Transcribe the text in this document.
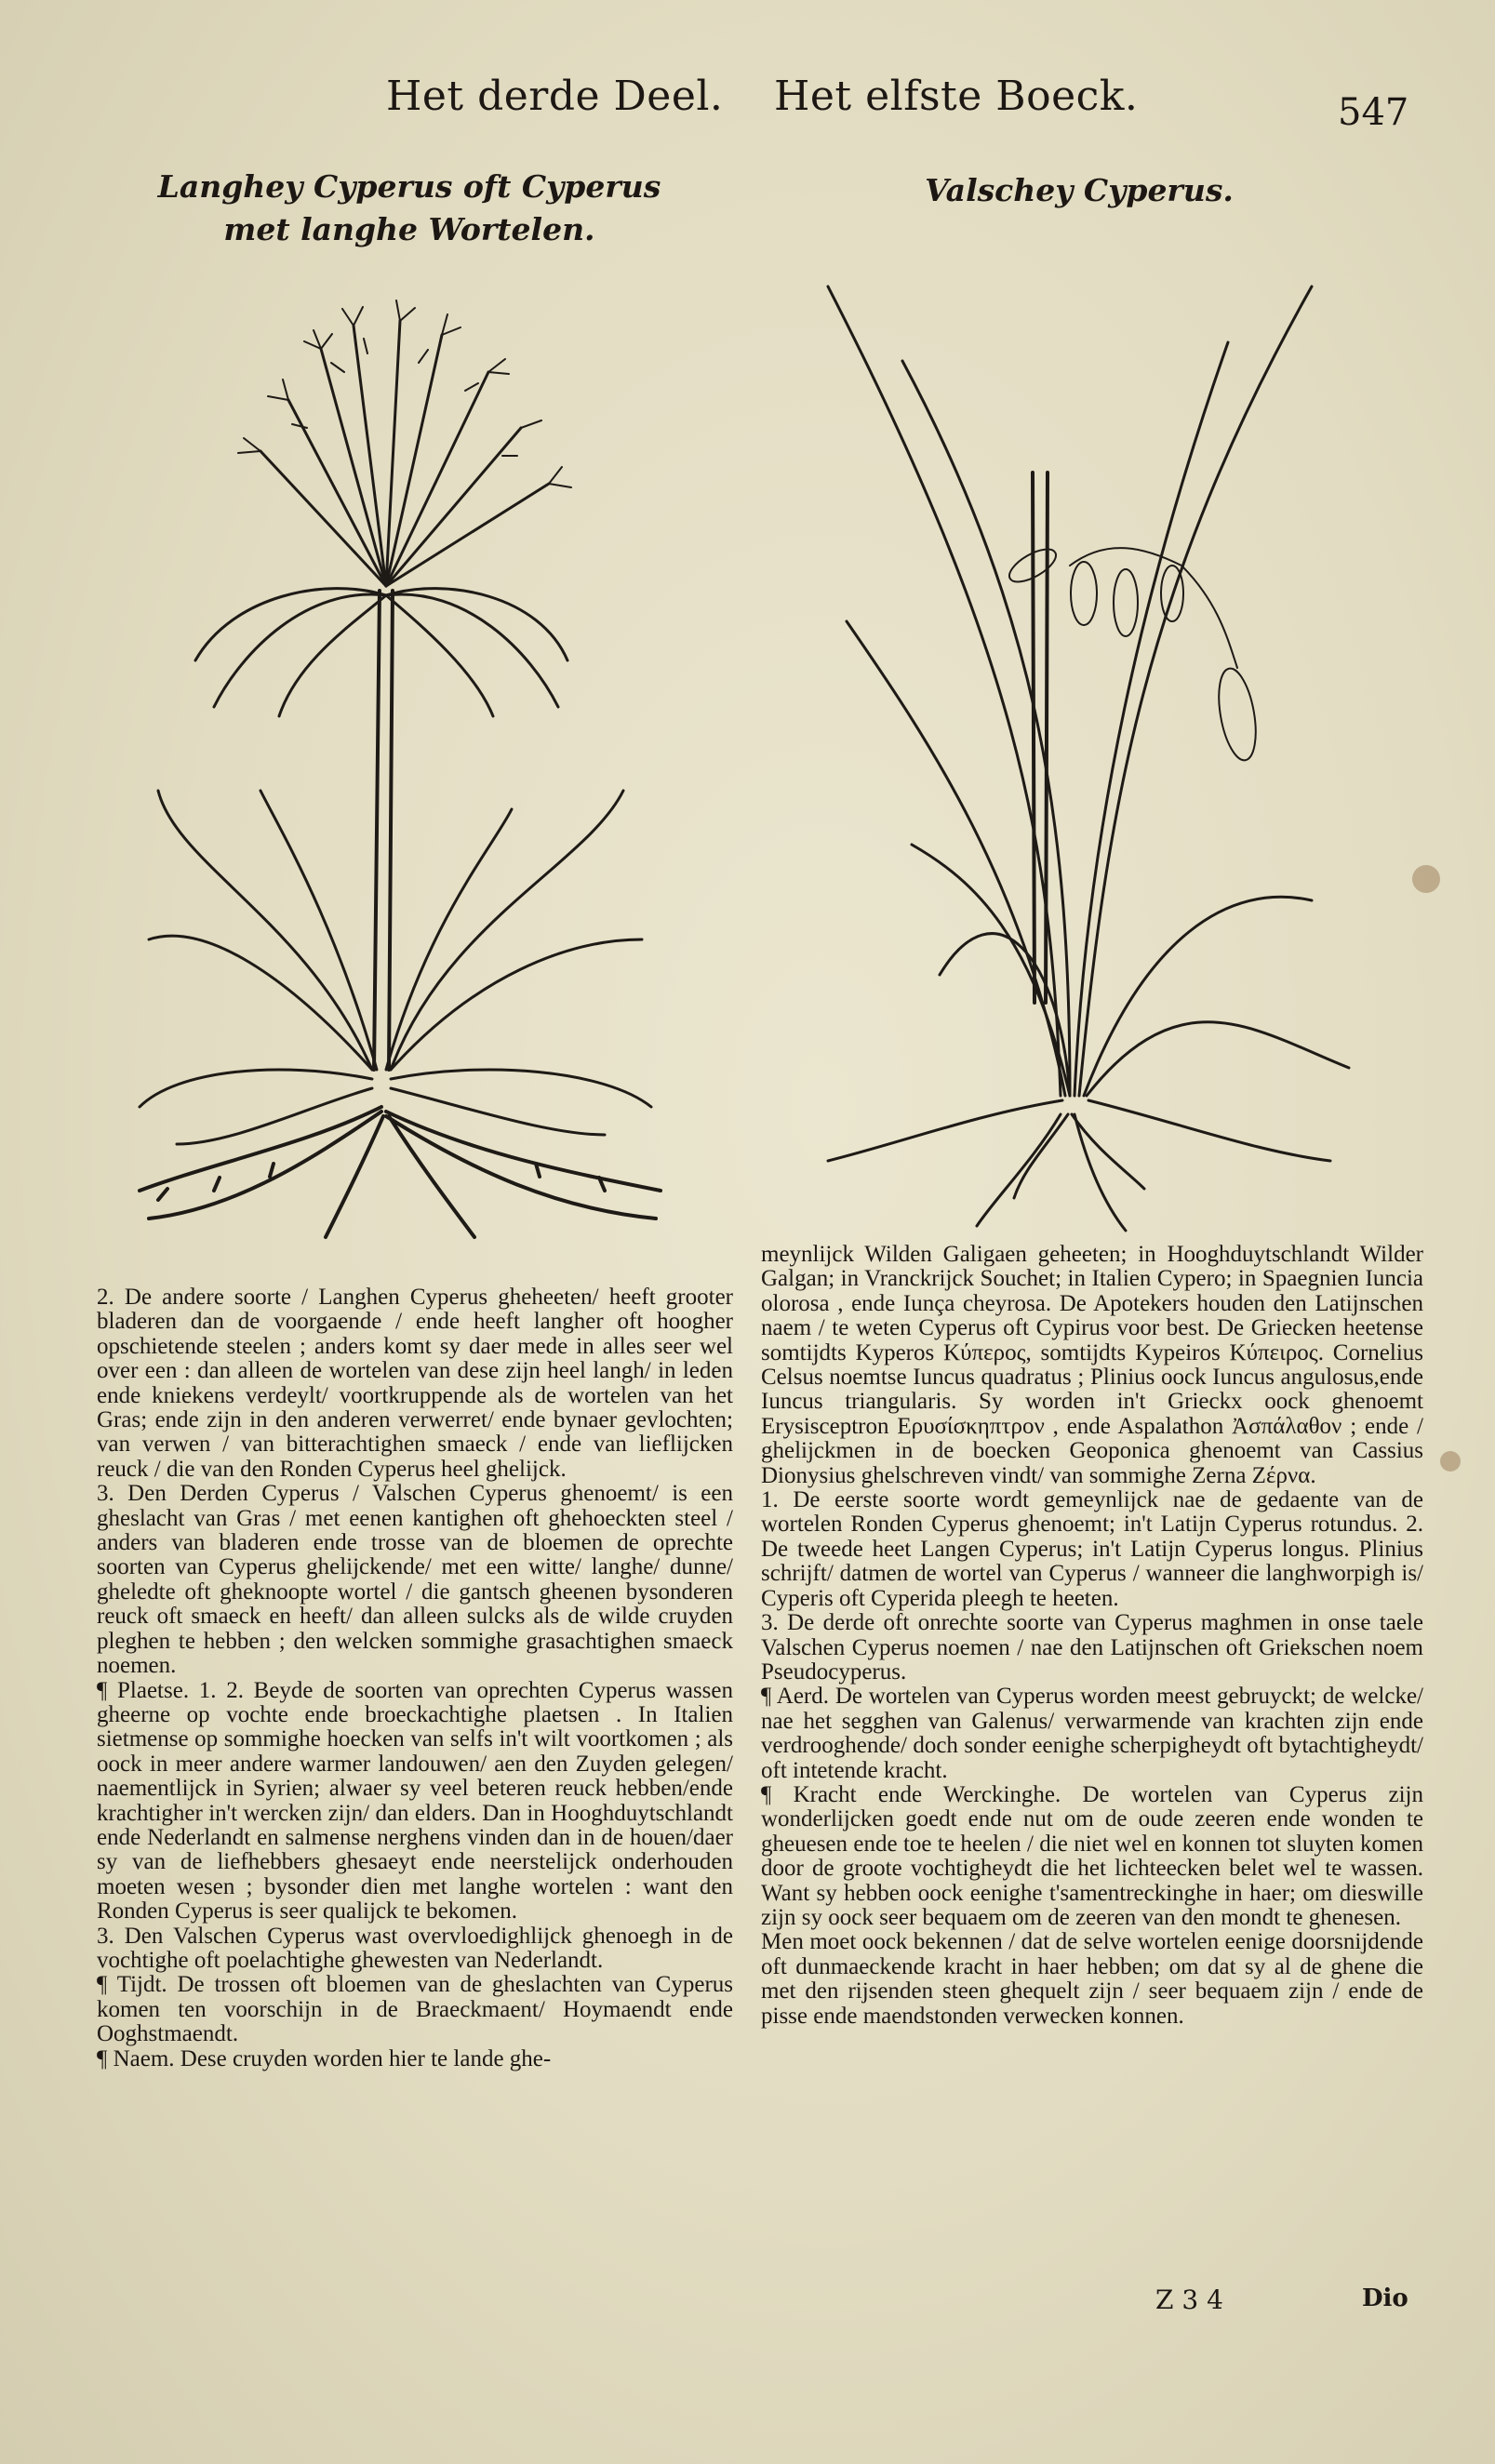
Het derde Deel. Het elfste Boeck.	547
Langhey Cyperus oft Cyperus
met langhe Wortelen.
Valschey Cyperus.

2. De andere soorte / Langhen Cyperus gheheeten/ heeft grooter bladeren dan de voorgaende / ende heeft langher oft hoogher opschietende steelen ; anders komt sy daer mede in alles seer wel over een : dan alleen de wortelen van dese zijn heel langh/ in leden ende kniekens verdeylt/ voortkruppende als de wortelen van het Gras; ende zijn in den anderen verwerret/ ende bynaer gevlochten; van verwen / van bitterachtighen smaeck / ende van lieflijcken reuck / die van den Ronden Cyperus heel ghelijck.

3. Den Derden Cyperus / Valschen Cyperus ghenoemt/ is een gheslacht van Gras / met eenen kantighen oft ghehoeckten steel / anders van bladeren ende trosse van de bloemen de oprechte soorten van Cyperus ghelijckende/ met een witte/ langhe/ dunne/ gheledte oft gheknoopte wortel / die gantsch gheenen bysonderen reuck oft smaeck en heeft/ dan alleen sulcks als de wilde cruyden pleghen te hebben ; den welcken sommighe grasachtighen smaeck noemen.

¶ Plaetse. 1. 2. Beyde de soorten van oprechten Cyperus wassen gheerne op vochte ende broeckachtighe plaetsen . In Italien sietmense op sommighe hoecken van selfs in't wilt voortkomen ; als oock in meer andere warmer landouwen/ aen den Zuyden gelegen/ naementlijck in Syrien; alwaer sy veel beteren reuck hebben/ende krachtigher in't wercken zijn/ dan elders. Dan in Hooghduytschlandt ende Nederlandt en salmense nerghens vinden dan in de houen/daer sy van de liefhebbers ghesaeyt ende neerstelijck onderhouden moeten wesen ; bysonder dien met langhe wortelen : want den Ronden Cyperus is seer qualijck te bekomen.

3. Den Valschen Cyperus wast overvloedighlijck ghenoegh in de vochtighe oft poelachtighe ghewesten van Nederlandt.

¶ Tijdt. De trossen oft bloemen van de gheslachten van Cyperus komen ten voorschijn in de Braeckmaent/ Hoymaendt ende Ooghstmaendt.

¶ Naem. Dese cruyden worden hier te lande ghe-

meynlijck Wilden Galigaen geheeten; in Hooghduytschlandt Wilder Galgan; in Vranckrijck Souchet; in Italien Cypero; in Spaegnien Iuncia olorosa , ende Iunça cheyrosa. De Apotekers houden den Latijnschen naem / te weten Cyperus oft Cypirus voor best. De Griecken heetense somtijdts Kyperos Κύπερος, somtijdts Kypeiros Κύπειρος. Cornelius Celsus noemtse Iuncus quadratus ; Plinius oock Iuncus angulosus,ende Iuncus triangularis. Sy worden in't Grieckx oock ghenoemt Erysisceptron Ερυσίσκηπτρον , ende Aspalathon Ἀσπάλαθον ; ende / ghelijckmen in de boecken Geoponica ghenoemt van Cassius Dionysius ghelschreven vindt/ van sommighe Zerna Ζέρνα.

1. De eerste soorte wordt gemeynlijck nae de gedaente van de wortelen Ronden Cyperus ghenoemt; in't Latijn Cyperus rotundus. 2. De tweede heet Langen Cyperus; in't Latijn Cyperus longus. Plinius schrijft/ datmen de wortel van Cyperus / wanneer die langhworpigh is/ Cyperis oft Cyperida pleegh te heeten.

3. De derde oft onrechte soorte van Cyperus maghmen in onse taele Valschen Cyperus noemen / nae den Latijnschen oft Griekschen noem Pseudocyperus.

¶ Aerd. De wortelen van Cyperus worden meest gebruyckt; de welcke/ nae het segghen van Galenus/ verwarmende van krachten zijn ende verdrooghende/ doch sonder eenighe scherpigheydt oft bytachtigheydt/ oft intetende kracht.

¶ Kracht ende Werckinghe. De wortelen van Cyperus zijn wonderlijcken goedt ende nut om de oude zeeren ende wonden te gheuesen ende toe te heelen / die niet wel en konnen tot sluyten komen door de groote vochtigheydt die het lichteecken belet wel te wassen. Want sy hebben oock eenighe t'samentreckinghe in haer; om dieswille zijn sy oock seer bequaem om de zeeren van den mondt te ghenesen.

Men moet oock bekennen / dat de selve wortelen eenige doorsnijdende oft dunmaeckende kracht in haer hebben; om dat sy al de ghene die met den rijsenden steen ghequelt zijn / seer bequaem zijn / ende de pisse ende maendstonden verwecken konnen.

Z 3 4	Dio
